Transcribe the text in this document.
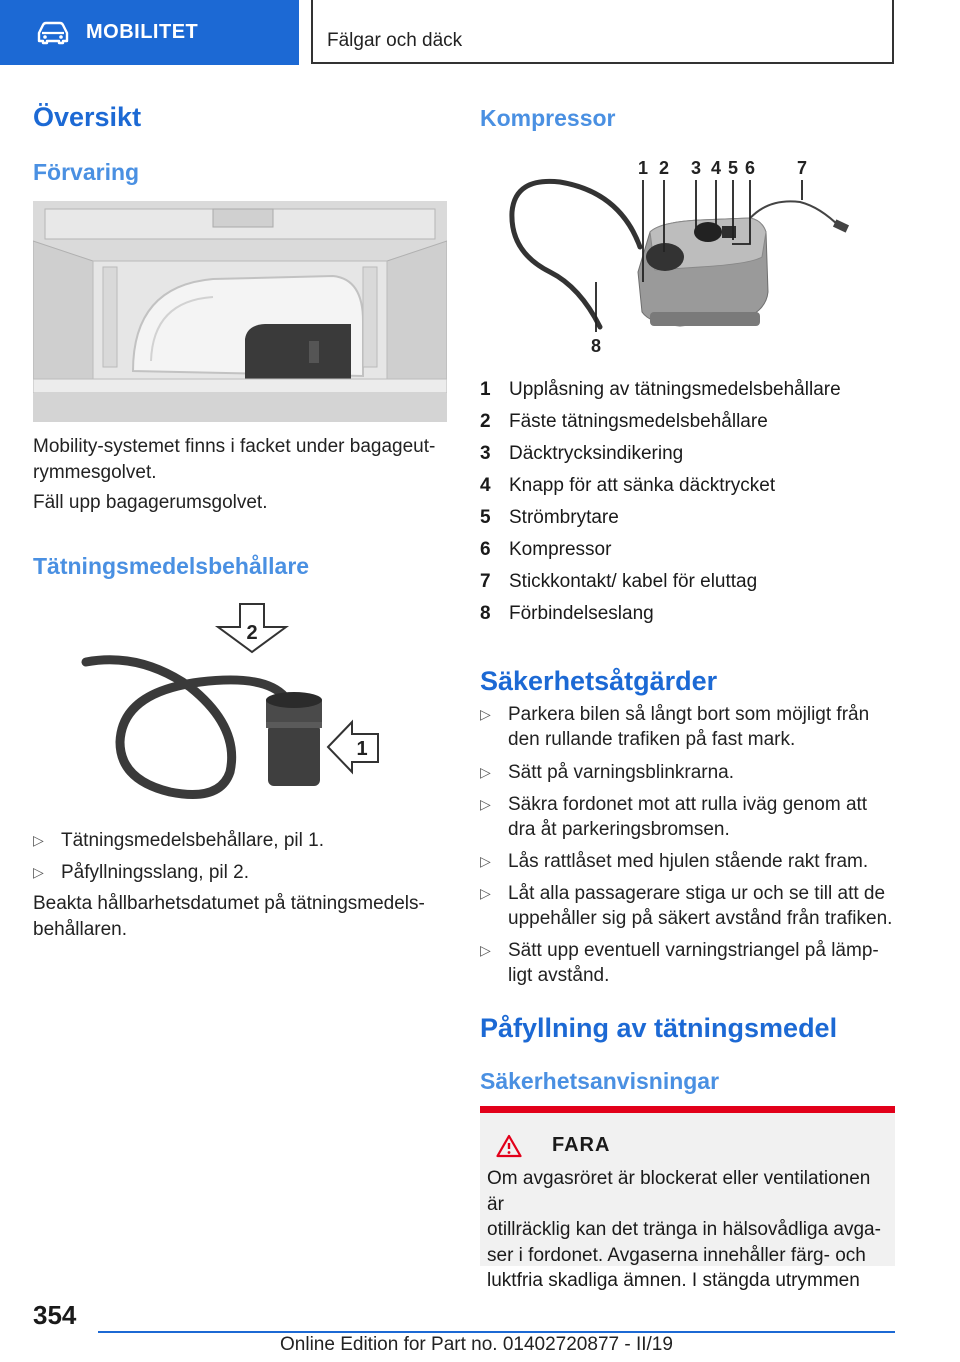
MOBILITET	Fälgar och däck
Översikt
Förvaring
Mobility-systemet finns i facket under bagageut-
rymmesgolvet.
Fäll upp bagagerumsgolvet.
Tätningsmedelsbehållare
2
1
▷ Tätningsmedelsbehållare, pil 1.
▷ Påfyllningsslang, pil 2.
Beakta hållbarhetsdatumet på tätningsmedels-
behållaren.
Kompressor
1 2 3 4 5 6 7
8
1 Upplåsning av tätningsmedelsbehållare
2 Fäste tätningsmedelsbehållare
3 Däcktrycksindikering
4 Knapp för att sänka däcktrycket
5 Strömbrytare
6 Kompressor
7 Stickkontakt/ kabel för eluttag
8 Förbindelseslang
Säkerhetsåtgärder
▷ Parkera bilen så långt bort som möjligt från
den rullande trafiken på fast mark.
▷ Sätt på varningsblinkrarna.
▷ Säkra fordonet mot att rulla iväg genom att
dra åt parkeringsbromsen.
▷ Lås rattlåset med hjulen stående rakt fram.
▷ Låt alla passagerare stiga ur och se till att de
uppehåller sig på säkert avstånd från trafiken.
▷ Sätt upp eventuell varningstriangel på lämp-
ligt avstånd.
Påfyllning av tätningsmedel
Säkerhetsanvisningar
FARA
Om avgasröret är blockerat eller ventilationen är
otillräcklig kan det tränga in hälsovådliga avga-
ser i fordonet. Avgaserna innehåller färg- och
luktfria skadliga ämnen. I stängda utrymmen
354
Online Edition for Part no. 01402720877 - II/19
